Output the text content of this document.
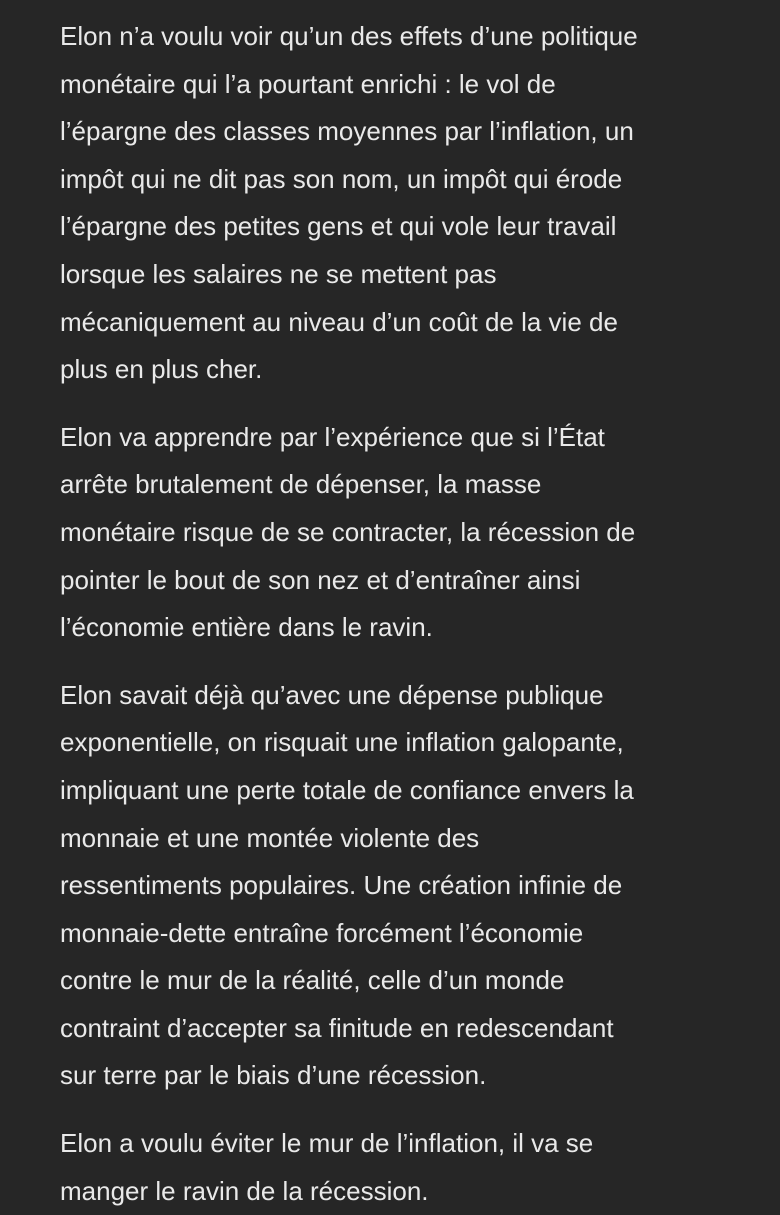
Elon n’a voulu voir qu’un des effets d’une politique
monétaire qui l’a pourtant enrichi : le vol de
l’épargne des classes moyennes par l’inflation, un
impôt qui ne dit pas son nom, un impôt qui érode
l’épargne des petites gens et qui vole leur travail
lorsque les salaires ne se mettent pas
mécaniquement au niveau d’un coût de la vie de
plus en plus cher.
Elon va apprendre par l’expérience que si l’État
arrête brutalement de dépenser, la masse
monétaire risque de se contracter, la récession de
pointer le bout de son nez et d’entraîner ainsi
l’économie entière dans le ravin.
Elon savait déjà qu’avec une dépense publique
exponentielle, on risquait une inflation galopante,
impliquant une perte totale de confiance envers la
monnaie et une montée violente des
ressentiments populaires. Une création infinie de
monnaie-dette entraîne forcément l’économie
contre le mur de la réalité, celle d’un monde
contraint d’accepter sa finitude en redescendant
sur terre par le biais d’une récession.
Elon a voulu éviter le mur de l’inflation, il va se
manger le ravin de la récession.
